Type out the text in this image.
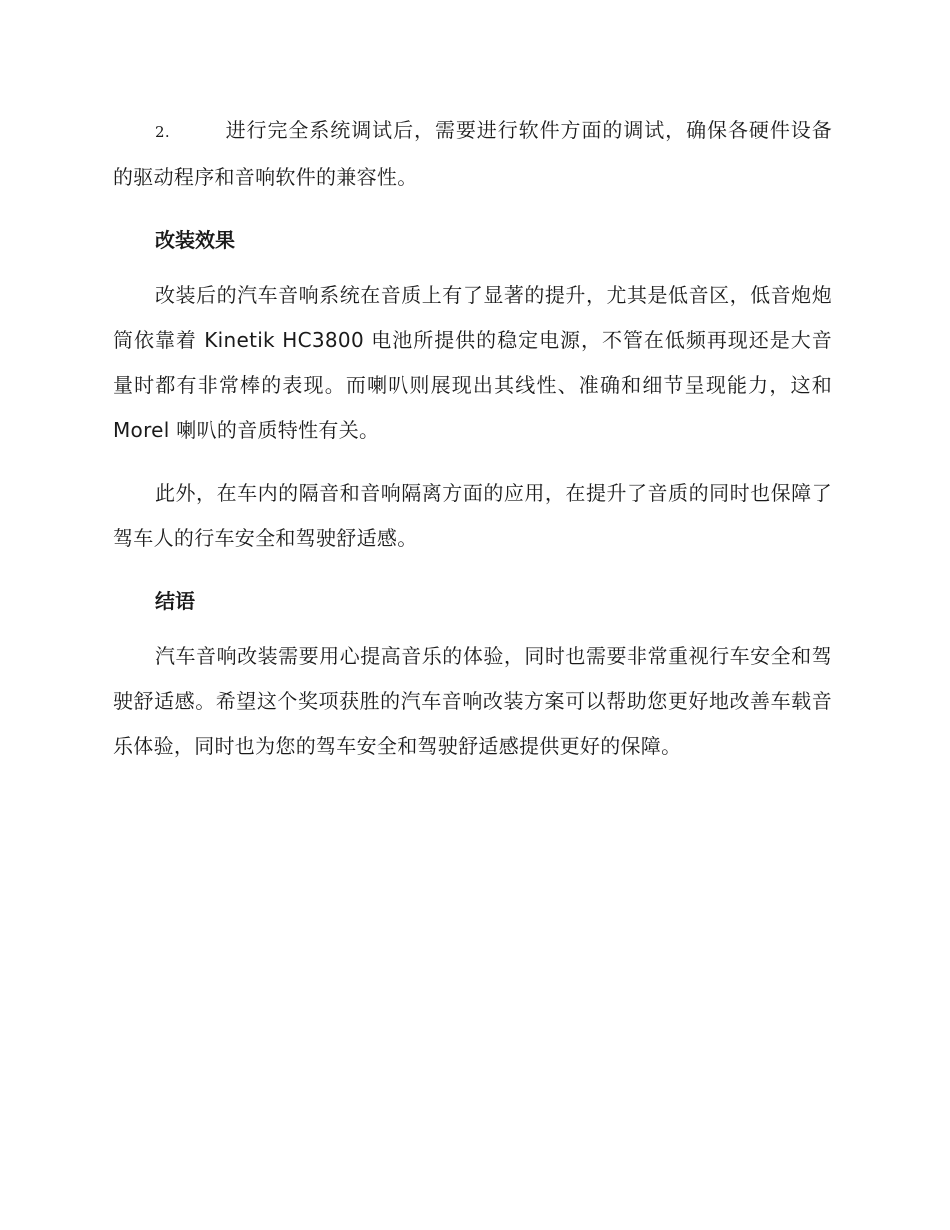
2.	进行完全系统调试后，需要进行软件方面的调试，确保各硬件设备的驱动程序和音响软件的兼容性。

改装效果

改装后的汽车音响系统在音质上有了显著的提升，尤其是低音区，低音炮炮筒依靠着 Kinetik HC3800 电池所提供的稳定电源，不管在低频再现还是大音量时都有非常棒的表现。而喇叭则展现出其线性、准确和细节呈现能力，这和 Morel 喇叭的音质特性有关。

此外，在车内的隔音和音响隔离方面的应用，在提升了音质的同时也保障了驾车人的行车安全和驾驶舒适感。

结语

汽车音响改装需要用心提高音乐的体验，同时也需要非常重视行车安全和驾驶舒适感。希望这个奖项获胜的汽车音响改装方案可以帮助您更好地改善车载音乐体验，同时也为您的驾车安全和驾驶舒适感提供更好的保障。
